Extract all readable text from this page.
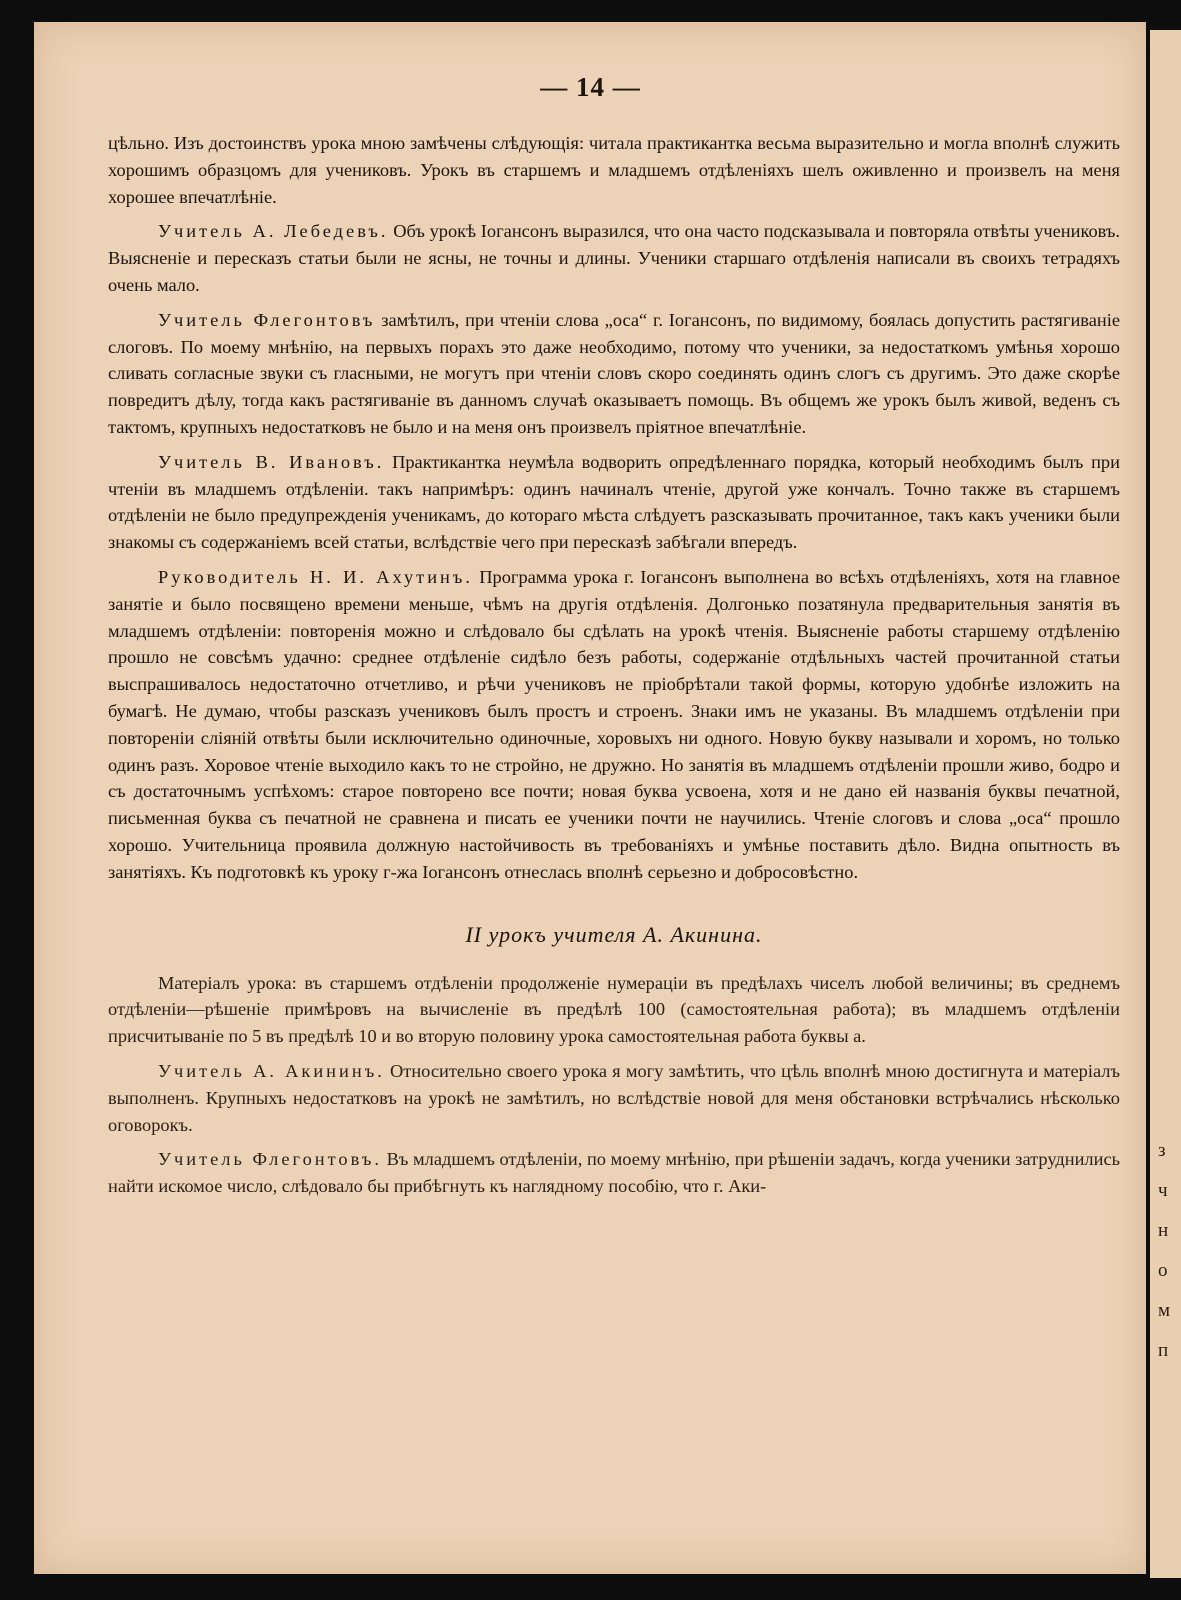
з
ч
н
о
м
п
— 14 —

цѣльно. Изъ достоинствъ урока мною замѣчены слѣдующія: читала практикантка весьма выразительно и могла вполнѣ служить хорошимъ образцомъ для учениковъ. Урокъ въ старшемъ и младшемъ отдѣленіяхъ шелъ оживленно и произвелъ на меня хорошее впечатлѣніе.

Учитель А. Лебедевъ. Объ урокѣ Іогансонъ выразился, что она часто подсказывала и повторяла отвѣты учениковъ. Выясненіе и пересказъ статьи были не ясны, не точны и длины. Ученики старшаго отдѣленія написали въ своихъ тетрадяхъ очень мало.

Учитель Флегонтовъ замѣтилъ, при чтеніи слова „оса“ г. Іогансонъ, по видимому, боялась допустить растягиваніе слоговъ. По моему мнѣнію, на первыхъ порахъ это даже необходимо, потому что ученики, за недостаткомъ умѣнья хорошо сливать согласные звуки съ гласными, не могутъ при чтеніи словъ скоро соединять одинъ слогъ съ другимъ. Это даже скорѣе повредитъ дѣлу, тогда какъ растягиваніе въ данномъ случаѣ оказываетъ помощь. Въ общемъ же урокъ былъ живой, веденъ съ тактомъ, крупныхъ недостатковъ не было и на меня онъ произвелъ пріятное впечатлѣніе.

Учитель В. Ивановъ. Практикантка неумѣла водворить опредѣленнаго порядка, который необходимъ былъ при чтеніи въ младшемъ отдѣленіи. такъ напримѣръ: одинъ начиналъ чтеніе, другой уже кончалъ. Точно также въ старшемъ отдѣленіи не было предупрежденія ученикамъ, до котораго мѣста слѣдуетъ разсказывать прочитанное, такъ какъ ученики были знакомы съ содержаніемъ всей статьи, вслѣдствіе чего при пересказѣ забѣгали впередъ.

Руководитель Н. И. Ахутинъ. Программа урока г. Іогансонъ выполнена во всѣхъ отдѣленіяхъ, хотя на главное занятіе и было посвящено времени меньше, чѣмъ на другія отдѣленія. Долгонько позатянула предварительныя занятія въ младшемъ отдѣленіи: повторенія можно и слѣдовало бы сдѣлать на урокѣ чтенія. Выясненіе работы старшему отдѣленію прошло не совсѣмъ удачно: среднее отдѣленіе сидѣло безъ работы, содержаніе отдѣльныхъ частей прочитанной статьи выспрашивалось недостаточно отчетливо, и рѣчи учениковъ не пріобрѣтали такой формы, которую удобнѣе изложить на бумагѣ. Не думаю, чтобы разсказъ учениковъ былъ простъ и строенъ. Знаки имъ не указаны. Въ младшемъ отдѣленіи при повтореніи сліяній отвѣты были исключительно одиночные, хоровыхъ ни одного. Новую букву называли и хоромъ, но только одинъ разъ. Хоровое чтеніе выходило какъ то не стройно, не дружно. Но занятія въ младшемъ отдѣленіи прошли живо, бодро и съ достаточнымъ успѣхомъ: старое повторено все почти; новая буква усвоена, хотя и не дано ей названія буквы печатной, письменная буква съ печатной не сравнена и писать ее ученики почти не научились. Чтеніе слоговъ и слова „оса“ прошло хорошо. Учительница проявила должную настойчивость въ требованіяхъ и умѣнье поставить дѣло. Видна опытность въ занятіяхъ. Къ подготовкѣ къ уроку г-жа Іогансонъ отнеслась вполнѣ серьезно и добросовѣстно.

II урокъ учителя А. Акинина.

Матеріалъ урока: въ старшемъ отдѣленіи продолженіе нумераціи въ предѣлахъ чиселъ любой величины; въ среднемъ отдѣленіи—рѣшеніе примѣровъ на вычисленіе въ предѣлѣ 100 (самостоятельная работа); въ младшемъ отдѣленіи присчитываніе по 5 въ предѣлѣ 10 и во вторую половину урока самостоятельная работа буквы а.

Учитель А. Акининъ. Относительно своего урока я могу замѣтить, что цѣль вполнѣ мною достигнута и матеріалъ выполненъ. Крупныхъ недостатковъ на урокѣ не замѣтилъ, но вслѣдствіе новой для меня обстановки встрѣчались нѣсколько оговорокъ.

Учитель Флегонтовъ. Въ младшемъ отдѣленіи, по моему мнѣнію, при рѣшеніи задачъ, когда ученики затруднились найти искомое число, слѣдовало бы прибѣгнуть къ наглядному пособію, что г. Аки-
